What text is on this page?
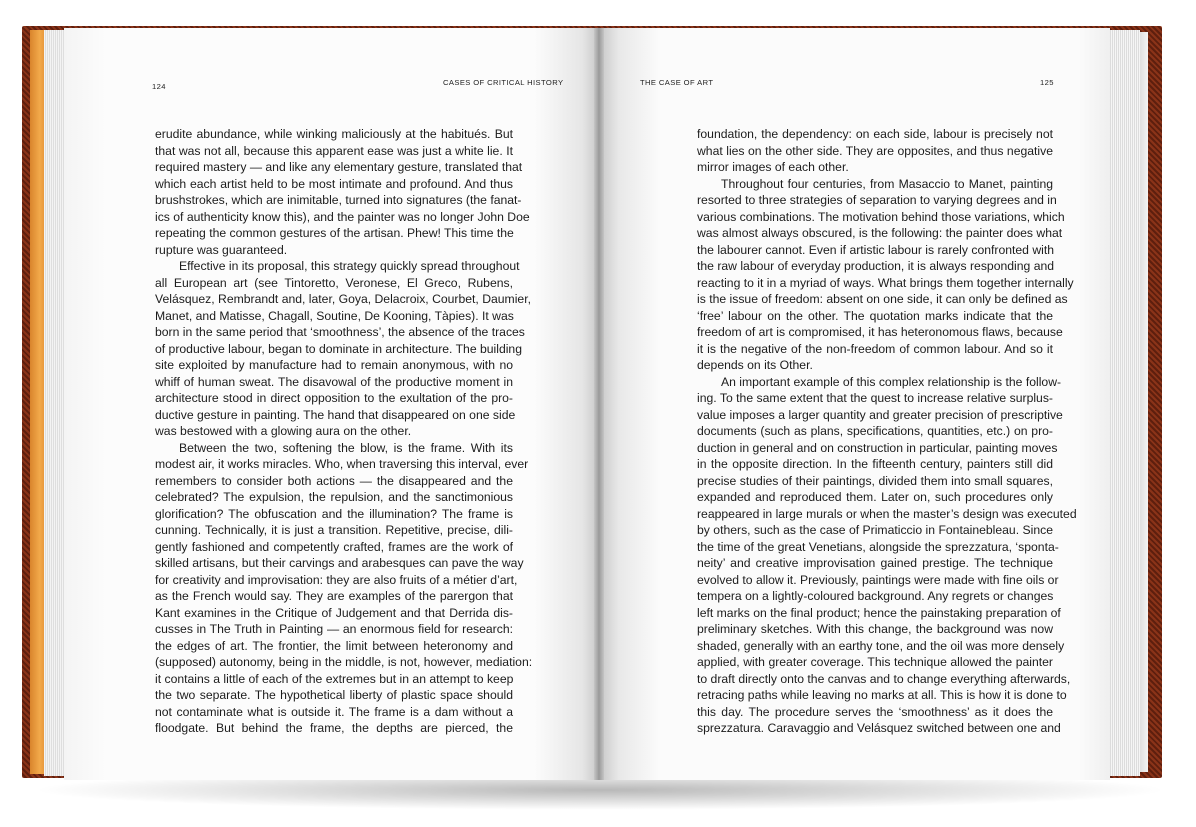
124	CASES OF CRITICAL HISTORY	THE CASE OF ART	125
erudite abundance, while winking maliciously at the habitués. But
that was not all, because this apparent ease was just a white lie. It
required mastery — and like any elementary gesture, translated that
which each artist held to be most intimate and profound. And thus
brushstrokes, which are inimitable, turned into signatures (the fanat-
ics of authenticity know this), and the painter was no longer John Doe
repeating the common gestures of the artisan. Phew! This time the
rupture was guaranteed.
Effective in its proposal, this strategy quickly spread throughout
all European art (see Tintoretto, Veronese, El Greco, Rubens,
Velásquez, Rembrandt and, later, Goya, Delacroix, Courbet, Daumier,
Manet, and Matisse, Chagall, Soutine, De Kooning, Tàpies). It was
born in the same period that ‘smoothness’, the absence of the traces
of productive labour, began to dominate in architecture. The building
site exploited by manufacture had to remain anonymous, with no
whiff of human sweat. The disavowal of the productive moment in
architecture stood in direct opposition to the exultation of the pro-
ductive gesture in painting. The hand that disappeared on one side
was bestowed with a glowing aura on the other.
Between the two, softening the blow, is the frame. With its
modest air, it works miracles. Who, when traversing this interval, ever
remembers to consider both actions — the disappeared and the
celebrated? The expulsion, the repulsion, and the sanctimonious
glorification? The obfuscation and the illumination? The frame is
cunning. Technically, it is just a transition. Repetitive, precise, dili-
gently fashioned and competently crafted, frames are the work of
skilled artisans, but their carvings and arabesques can pave the way
for creativity and improvisation: they are also fruits of a métier d’art,
as the French would say. They are examples of the parergon that
Kant examines in the Critique of Judgement and that Derrida dis-
cusses in The Truth in Painting — an enormous field for research:
the edges of art. The frontier, the limit between heteronomy and
(supposed) autonomy, being in the middle, is not, however, mediation:
it contains a little of each of the extremes but in an attempt to keep
the two separate. The hypothetical liberty of plastic space should
not contaminate what is outside it. The frame is a dam without a
floodgate. But behind the frame, the depths are pierced, the
foundation, the dependency: on each side, labour is precisely not
what lies on the other side. They are opposites, and thus negative
mirror images of each other.
Throughout four centuries, from Masaccio to Manet, painting
resorted to three strategies of separation to varying degrees and in
various combinations. The motivation behind those variations, which
was almost always obscured, is the following: the painter does what
the labourer cannot. Even if artistic labour is rarely confronted with
the raw labour of everyday production, it is always responding and
reacting to it in a myriad of ways. What brings them together internally
is the issue of freedom: absent on one side, it can only be defined as
‘free’ labour on the other. The quotation marks indicate that the
freedom of art is compromised, it has heteronomous flaws, because
it is the negative of the non-freedom of common labour. And so it
depends on its Other.
An important example of this complex relationship is the follow-
ing. To the same extent that the quest to increase relative surplus-
value imposes a larger quantity and greater precision of prescriptive
documents (such as plans, specifications, quantities, etc.) on pro-
duction in general and on construction in particular, painting moves
in the opposite direction. In the fifteenth century, painters still did
precise studies of their paintings, divided them into small squares,
expanded and reproduced them. Later on, such procedures only
reappeared in large murals or when the master’s design was executed
by others, such as the case of Primaticcio in Fontainebleau. Since
the time of the great Venetians, alongside the sprezzatura, ‘sponta-
neity’ and creative improvisation gained prestige. The technique
evolved to allow it. Previously, paintings were made with fine oils or
tempera on a lightly-coloured background. Any regrets or changes
left marks on the final product; hence the painstaking preparation of
preliminary sketches. With this change, the background was now
shaded, generally with an earthy tone, and the oil was more densely
applied, with greater coverage. This technique allowed the painter
to draft directly onto the canvas and to change everything afterwards,
retracing paths while leaving no marks at all. This is how it is done to
this day. The procedure serves the ‘smoothness’ as it does the
sprezzatura. Caravaggio and Velásquez switched between one and
